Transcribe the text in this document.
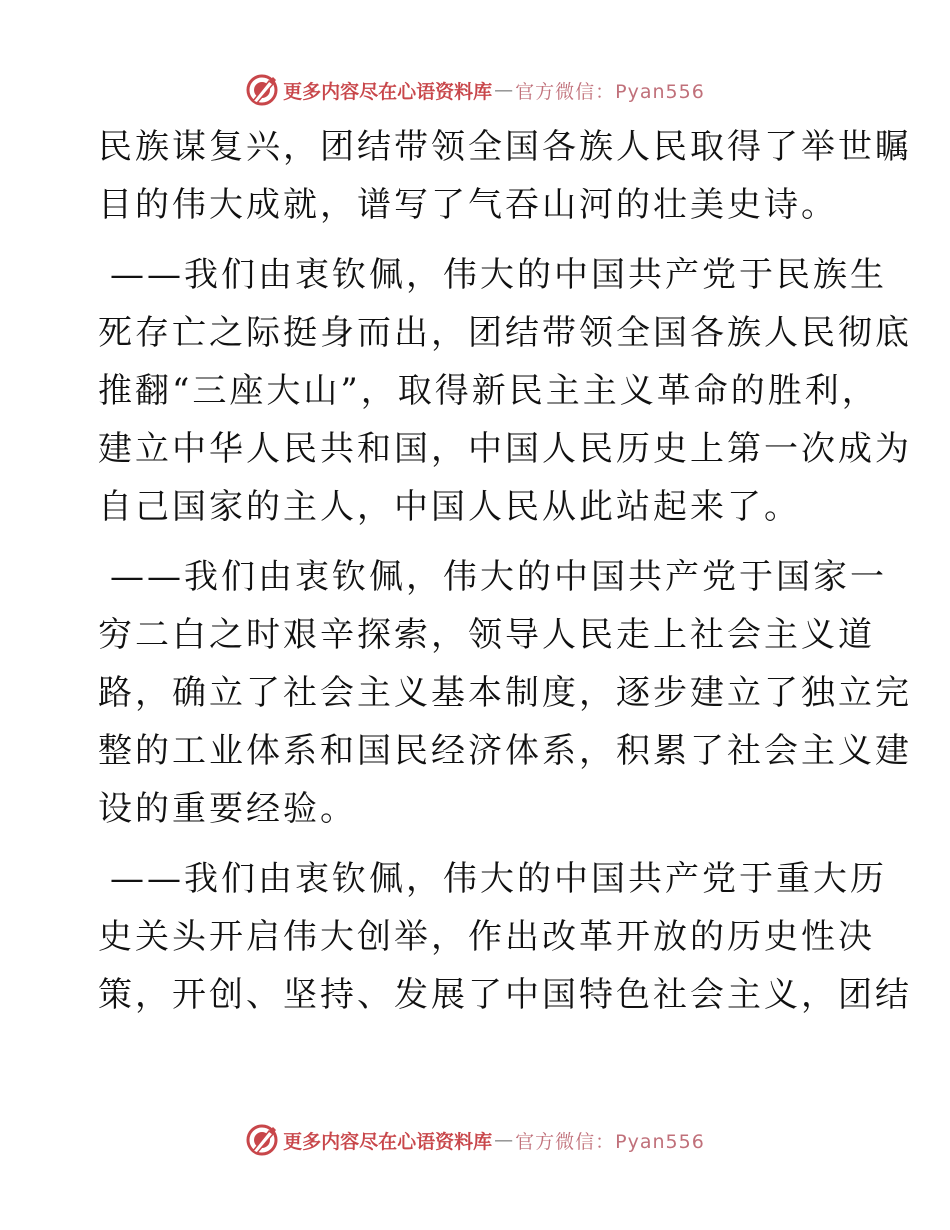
更多内容尽在心语资料库 — 官方微信：Pyan556
民族谋复兴，团结带领全国各族人民取得了举世瞩
目的伟大成就，谱写了气吞山河的壮美史诗。
——我们由衷钦佩，伟大的中国共产党于民族生
死存亡之际挺身而出，团结带领全国各族人民彻底
推翻“三座大山”，取得新民主主义革命的胜利，
建立中华人民共和国，中国人民历史上第一次成为
自己国家的主人，中国人民从此站起来了。
——我们由衷钦佩，伟大的中国共产党于国家一
穷二白之时艰辛探索，领导人民走上社会主义道
路，确立了社会主义基本制度，逐步建立了独立完
整的工业体系和国民经济体系，积累了社会主义建
设的重要经验。
——我们由衷钦佩，伟大的中国共产党于重大历
史关头开启伟大创举，作出改革开放的历史性决
策，开创、坚持、发展了中国特色社会主义，团结
更多内容尽在心语资料库 — 官方微信：Pyan556
